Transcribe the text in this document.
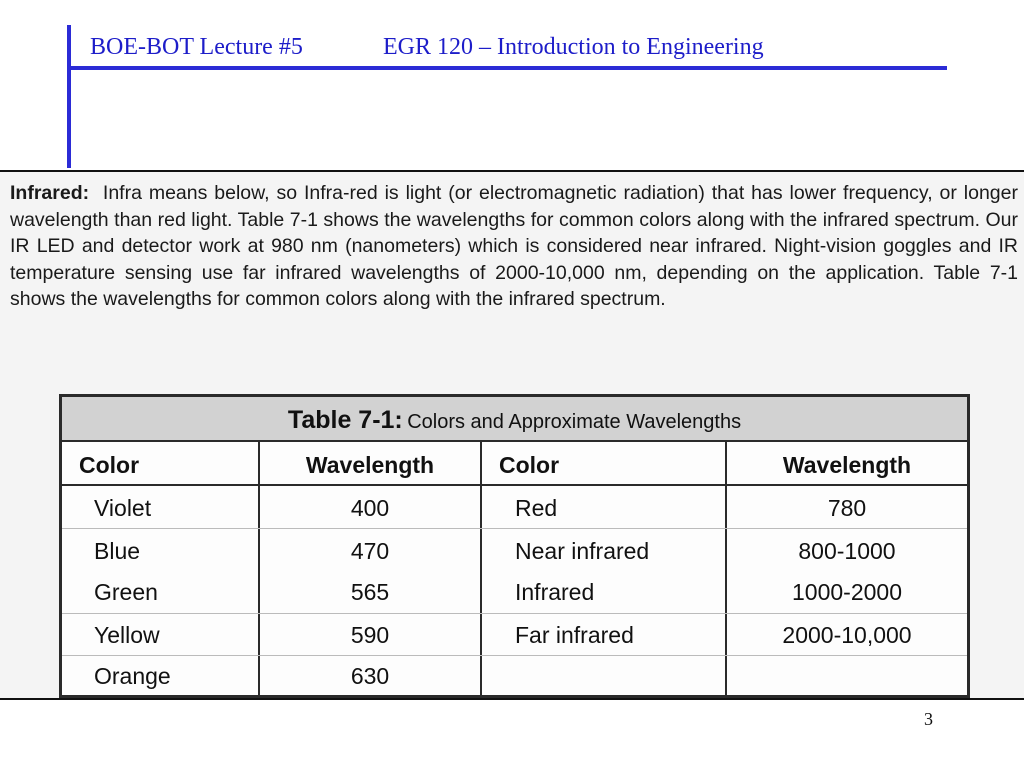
BOE-BOT Lecture #5	EGR 120 – Introduction to Engineering
Infrared: Infra means below, so Infra-red is light (or electromagnetic radiation) that has lower frequency, or longer wavelength than red light. Table 7-1 shows the wavelengths for common colors along with the infrared spectrum. Our IR LED and detector work at 980 nm (nanometers) which is considered near infrared. Night-vision goggles and IR temperature sensing use far infrared wavelengths of 2000-10,000 nm, depending on the application. Table 7-1 shows the wavelengths for common colors along with the infrared spectrum.
Table 7-1: Colors and Approximate Wavelengths
Color	Wavelength	Color	Wavelength
Violet	400	Red	780
Blue	470	Near infrared	800-1000
Green	565	Infrared	1000-2000
Yellow	590	Far infrared	2000-10,000
Orange	630
3
